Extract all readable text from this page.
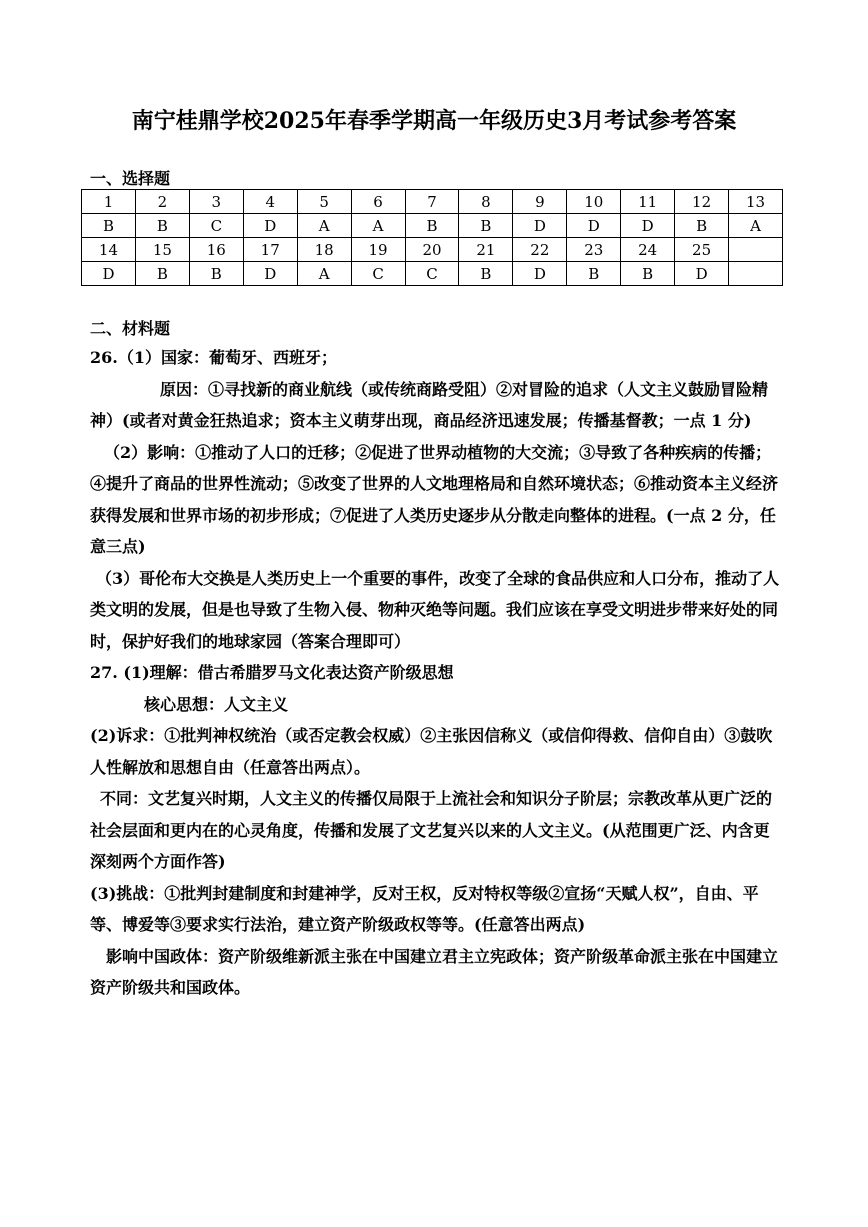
南宁桂鼎学校2025年春季学期高一年级历史3月考试参考答案
一、选择题
1	2	3	4	5	6	7	8	9	10	11	12	13
B	B	C	D	A	A	B	B	D	D	D	B	A
14	15	16	17	18	19	20	21	22	23	24	25	
D	B	B	D	A	C	C	B	D	B	B	D	
二、材料题

26.（1）国家：葡萄牙、西班牙；

原因：①寻找新的商业航线（或传统商路受阻）②对冒险的追求（人文主义鼓励冒险精神）(或者对黄金狂热追求；资本主义萌芽出现，商品经济迅速发展；传播基督教；一点 1 分)

（2）影响：①推动了人口的迁移；②促进了世界动植物的大交流；③导致了各种疾病的传播；④提升了商品的世界性流动；⑤改变了世界的人文地理格局和自然环境状态；⑥推动资本主义经济获得发展和世界市场的初步形成；⑦促进了人类历史逐步从分散走向整体的进程。(一点 2 分，任意三点)

（3）哥伦布大交换是人类历史上一个重要的事件，改变了全球的食品供应和人口分布，推动了人类文明的发展，但是也导致了生物入侵、物种灭绝等问题。我们应该在享受文明进步带来好处的同时，保护好我们的地球家园（答案合理即可）

27. (1)理解：借古希腊罗马文化表达资产阶级思想

核心思想：人文主义

(2)诉求：①批判神权统治（或否定教会权威）②主张因信称义（或信仰得救、信仰自由）③鼓吹人性解放和思想自由（任意答出两点）。

不同：文艺复兴时期，人文主义的传播仅局限于上流社会和知识分子阶层；宗教改革从更广泛的社会层面和更内在的心灵角度，传播和发展了文艺复兴以来的人文主义。(从范围更广泛、内含更深刻两个方面作答)

(3)挑战：①批判封建制度和封建神学，反对王权，反对特权等级②宣扬“天赋人权”，自由、平等、博爱等③要求实行法治，建立资产阶级政权等等。(任意答出两点)

影响中国政体：资产阶级维新派主张在中国建立君主立宪政体；资产阶级革命派主张在中国建立资产阶级共和国政体。
